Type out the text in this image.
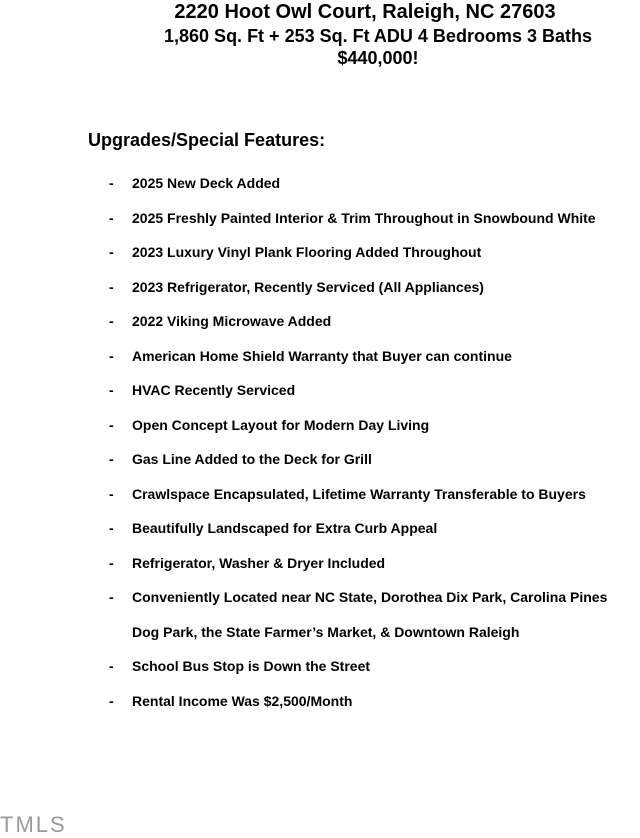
2220 Hoot Owl Court, Raleigh, NC 27603
1,860 Sq. Ft + 253 Sq. Ft ADU 4 Bedrooms 3 Baths
$440,000!
Upgrades/Special Features:
- 2025 New Deck Added
- 2025 Freshly Painted Interior & Trim Throughout in Snowbound White
- 2023 Luxury Vinyl Plank Flooring Added Throughout
- 2023 Refrigerator, Recently Serviced (All Appliances)
- 2022 Viking Microwave Added
- American Home Shield Warranty that Buyer can continue
- HVAC Recently Serviced
- Open Concept Layout for Modern Day Living
- Gas Line Added to the Deck for Grill
- Crawlspace Encapsulated, Lifetime Warranty Transferable to Buyers
- Beautifully Landscaped for Extra Curb Appeal
- Refrigerator, Washer & Dryer Included
- Conveniently Located near NC State, Dorothea Dix Park, Carolina Pines
Dog Park, the State Farmer’s Market, & Downtown Raleigh
- School Bus Stop is Down the Street
- Rental Income Was $2,500/Month
TMLS
